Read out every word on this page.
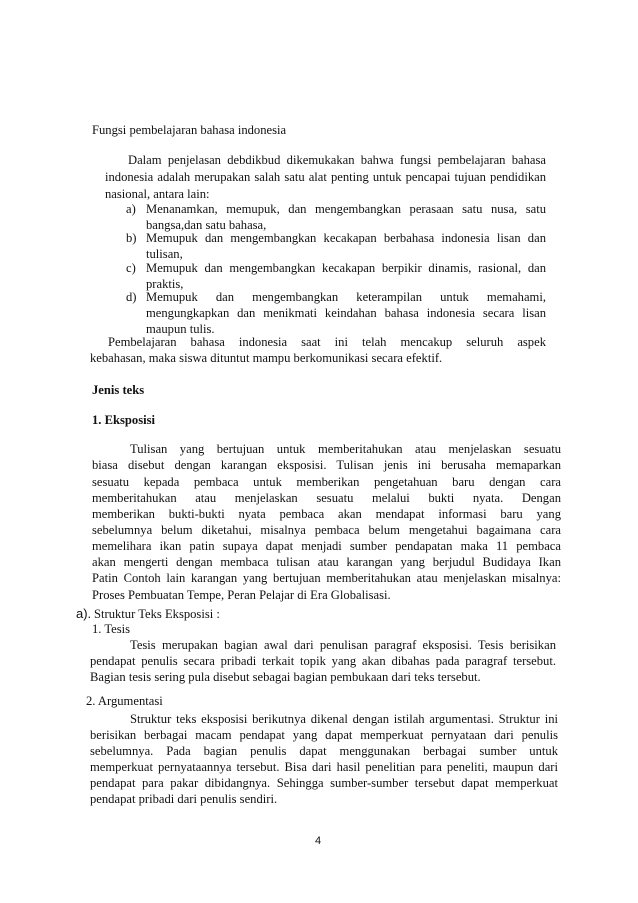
Fungsi pembelajaran bahasa indonesia
Dalam penjelasan debdikbud dikemukakan bahwa fungsi pembelajaran bahasa
indonesia adalah merupakan salah satu alat penting untuk pencapai tujuan pendidikan
nasional, antara lain:
a) Menanamkan, memupuk, dan mengembangkan perasaan satu nusa, satu
bangsa,dan satu bahasa,
b) Memupuk dan mengembangkan kecakapan berbahasa indonesia lisan dan
tulisan,
c) Memupuk dan mengembangkan kecakapan berpikir dinamis, rasional, dan
praktis,
d) Memupuk dan mengembangkan keterampilan untuk memahami,
mengungkapkan dan menikmati keindahan bahasa indonesia secara lisan
maupun tulis.
Pembelajaran bahasa indonesia saat ini telah mencakup seluruh aspek
kebahasan, maka siswa dituntut mampu berkomunikasi secara efektif.
Jenis teks
1. Eksposisi
Tulisan yang bertujuan untuk memberitahukan atau menjelaskan sesuatu
biasa disebut dengan karangan eksposisi. Tulisan jenis ini berusaha memaparkan
sesuatu kepada pembaca untuk memberikan pengetahuan baru dengan cara
memberitahukan atau menjelaskan sesuatu melalui bukti nyata. Dengan
memberikan bukti-bukti nyata pembaca akan mendapat informasi baru yang
sebelumnya belum diketahui, misalnya pembaca belum mengetahui bagaimana cara
memelihara ikan patin supaya dapat menjadi sumber pendapatan maka 11 pembaca
akan mengerti dengan membaca tulisan atau karangan yang berjudul Budidaya Ikan
Patin Contoh lain karangan yang bertujuan memberitahukan atau menjelaskan misalnya:
Proses Pembuatan Tempe, Peran Pelajar di Era Globalisasi.
a). Struktur Teks Eksposisi :
1. Tesis
Tesis merupakan bagian awal dari penulisan paragraf eksposisi. Tesis berisikan
pendapat penulis secara pribadi terkait topik yang akan dibahas pada paragraf tersebut.
Bagian tesis sering pula disebut sebagai bagian pembukaan dari teks tersebut.
2. Argumentasi
Struktur teks eksposisi berikutnya dikenal dengan istilah argumentasi. Struktur ini
berisikan berbagai macam pendapat yang dapat memperkuat pernyataan dari penulis
sebelumnya. Pada bagian penulis dapat menggunakan berbagai sumber untuk
memperkuat pernyataannya tersebut. Bisa dari hasil penelitian para peneliti, maupun dari
pendapat para pakar dibidangnya. Sehingga sumber-sumber tersebut dapat memperkuat
pendapat pribadi dari penulis sendiri.
4
